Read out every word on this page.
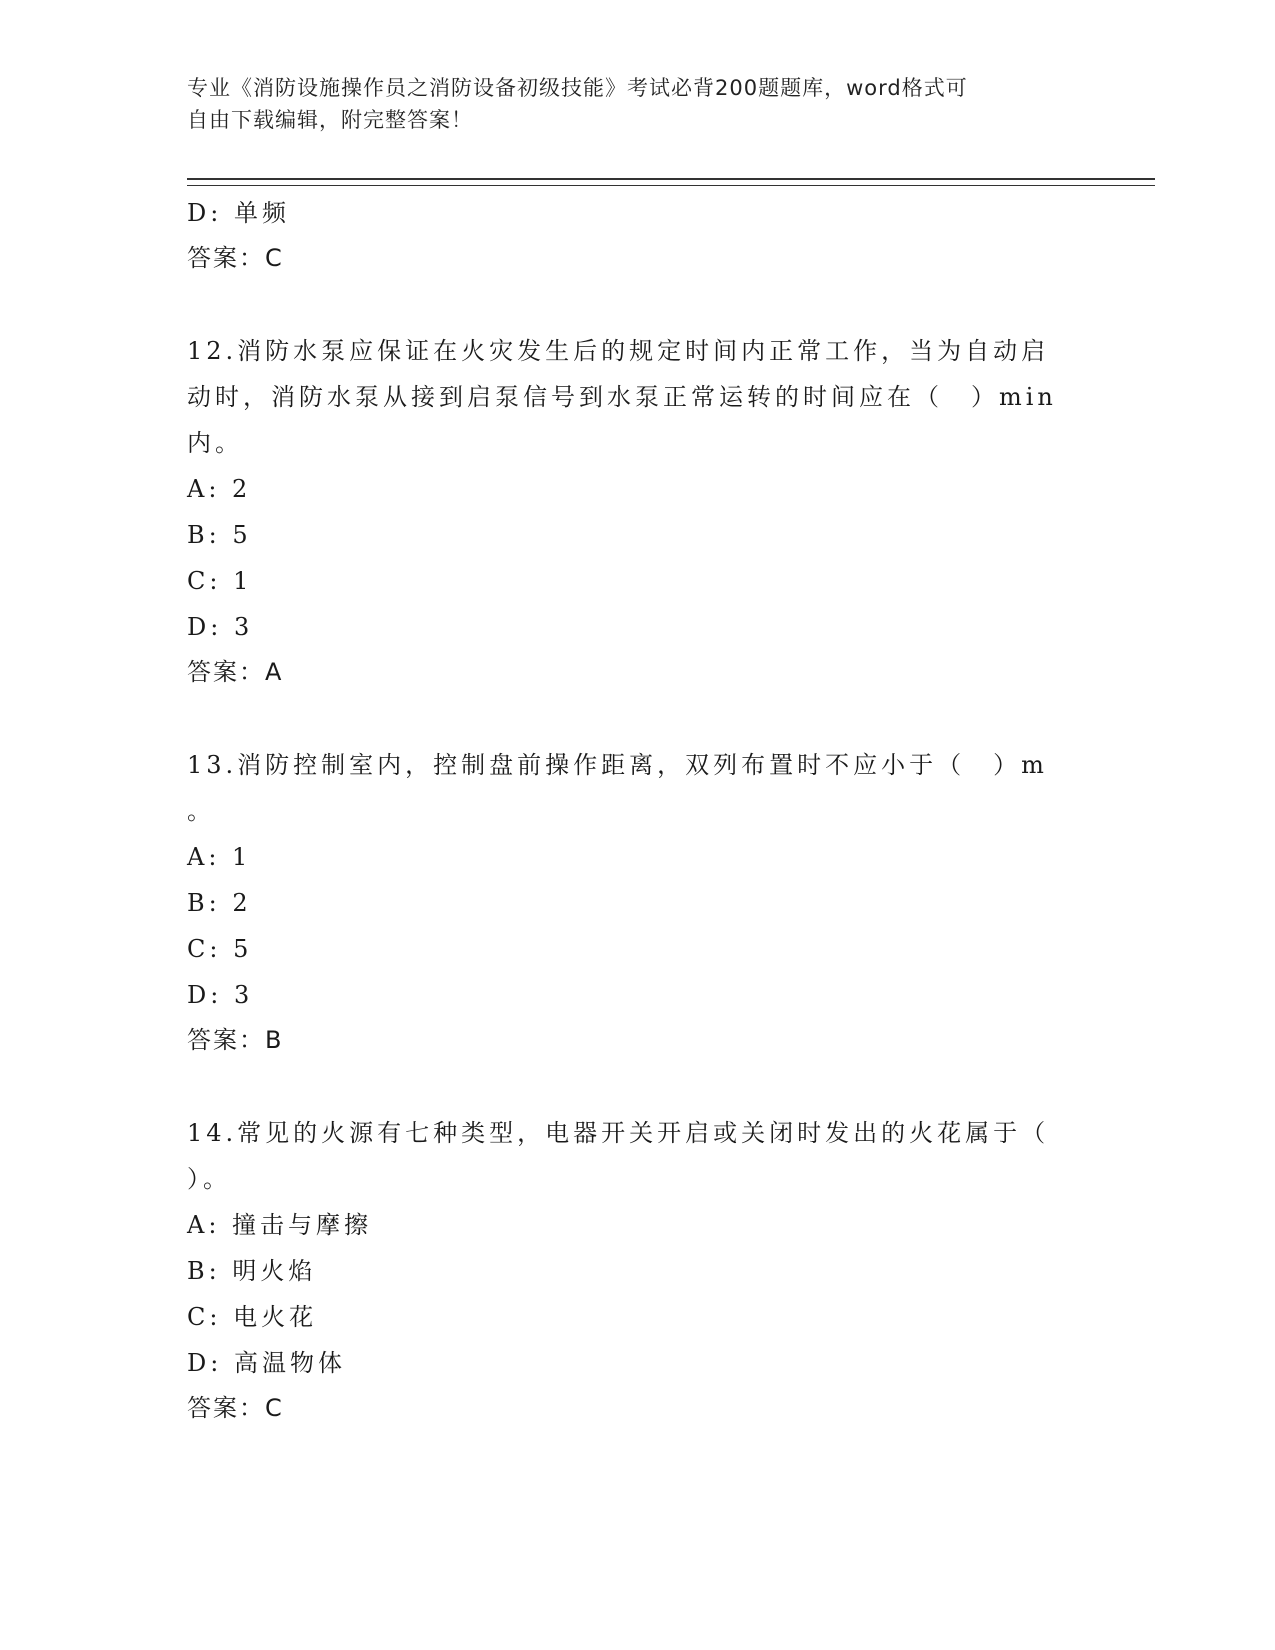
专业《消防设施操作员之消防设备初级技能》考试必背200题题库，word格式可
自由下载编辑，附完整答案！
D: 单频
答案：C
12.消防水泵应保证在火灾发生后的规定时间内正常工作，当为自动启
动时，消防水泵从接到启泵信号到水泵正常运转的时间应在（　）min
内。
A: 2
B: 5
C: 1
D: 3
答案：A
13.消防控制室内，控制盘前操作距离，双列布置时不应小于（　）m
。
A: 1
B: 2
C: 5
D: 3
答案：B
14.常见的火源有七种类型，电器开关开启或关闭时发出的火花属于（
）。
A: 撞击与摩擦
B: 明火焰
C: 电火花
D: 高温物体
答案：C
